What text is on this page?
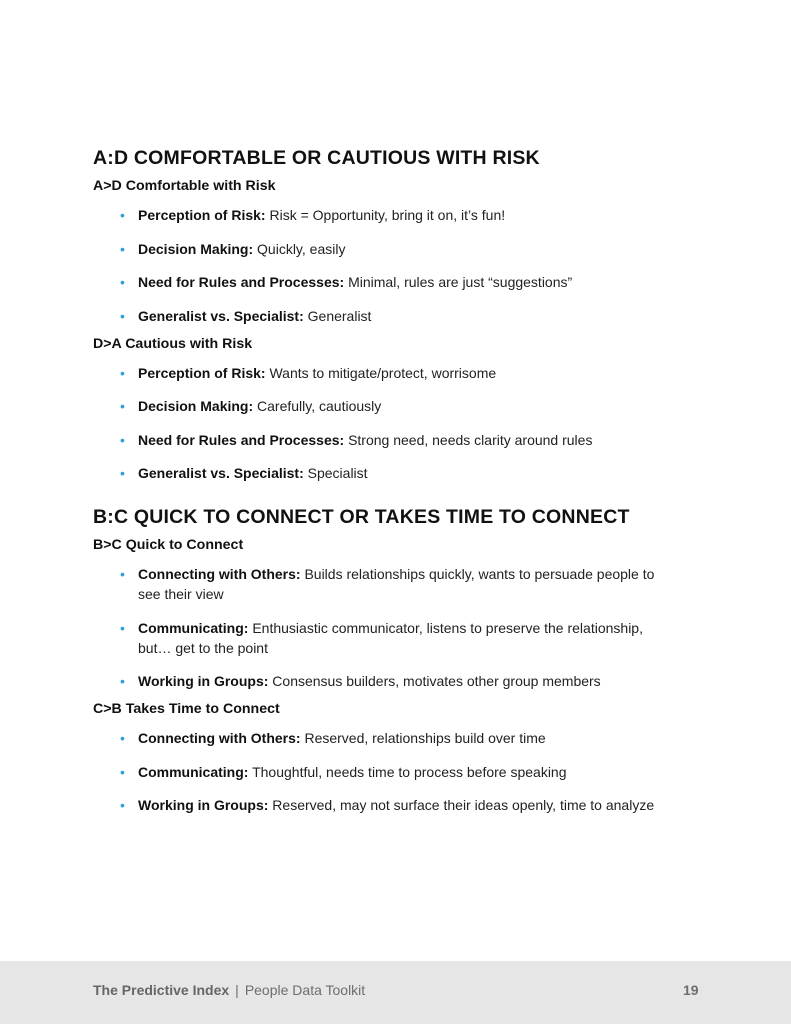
A:D COMFORTABLE OR CAUTIOUS WITH RISK
A>D Comfortable with Risk
• Perception of Risk: Risk = Opportunity, bring it on, it’s fun!
• Decision Making: Quickly, easily
• Need for Rules and Processes: Minimal, rules are just “suggestions”
• Generalist vs. Specialist: Generalist
D>A Cautious with Risk
• Perception of Risk: Wants to mitigate/protect, worrisome
• Decision Making: Carefully, cautiously
• Need for Rules and Processes: Strong need, needs clarity around rules
• Generalist vs. Specialist: Specialist
B:C QUICK TO CONNECT OR TAKES TIME TO CONNECT
B>C Quick to Connect
• Connecting with Others: Builds relationships quickly, wants to persuade people to see their view
• Communicating: Enthusiastic communicator, listens to preserve the relationship, but… get to the point
• Working in Groups: Consensus builders, motivates other group members
C>B Takes Time to Connect
• Connecting with Others: Reserved, relationships build over time
• Communicating: Thoughtful, needs time to process before speaking
• Working in Groups: Reserved, may not surface their ideas openly, time to analyze
The Predictive Index | People Data Toolkit	19
